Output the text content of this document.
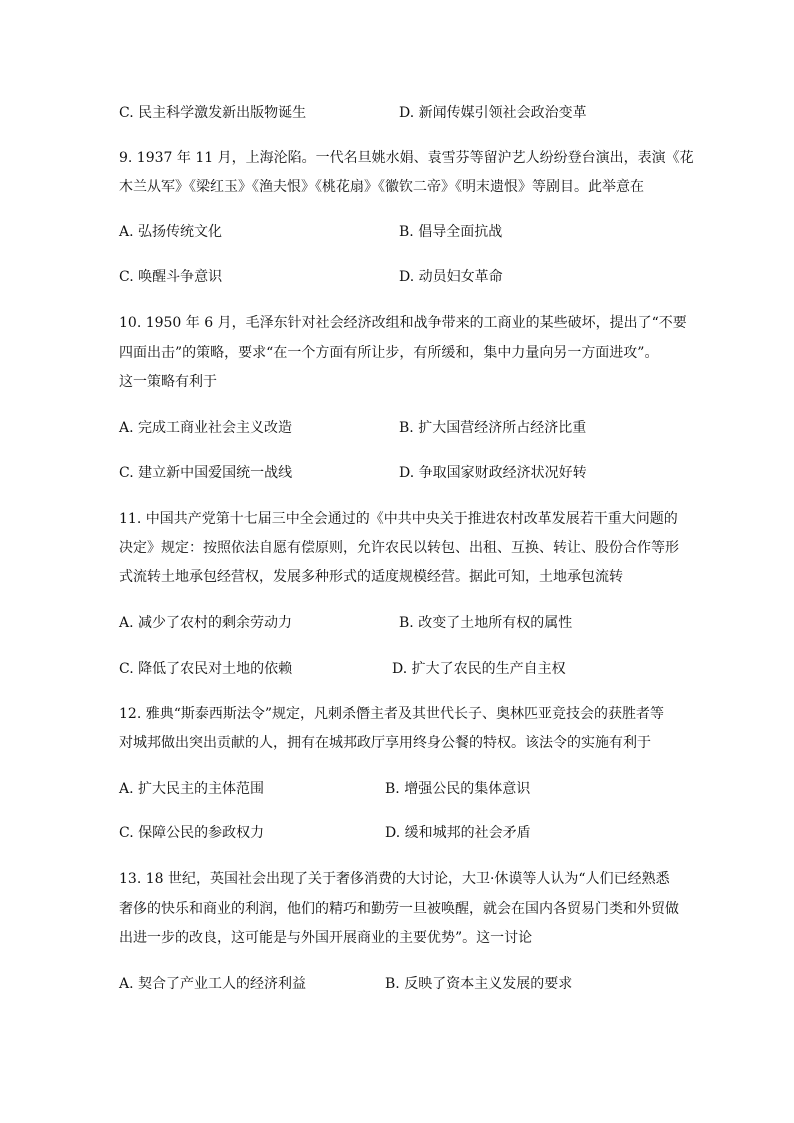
C. 民主科学激发新出版物诞生	D. 新闻传媒引领社会政治变革
9. 1937 年 11 月，上海沦陷。一代名旦姚水娟、袁雪芬等留沪艺人纷纷登台演出，表演《花
木兰从军》《梁红玉》《渔夫恨》《桃花扇》《徽钦二帝》《明末遗恨》等剧目。此举意在
A. 弘扬传统文化	B. 倡导全面抗战
C. 唤醒斗争意识	D. 动员妇女革命
10. 1950 年 6 月，毛泽东针对社会经济改组和战争带来的工商业的某些破坏，提出了“不要
四面出击”的策略，要求“在一个方面有所让步，有所缓和，集中力量向另一方面进攻”。
这一策略有利于
A. 完成工商业社会主义改造	B. 扩大国营经济所占经济比重
C. 建立新中国爱国统一战线	D. 争取国家财政经济状况好转
11. 中国共产党第十七届三中全会通过的《中共中央关于推进农村改革发展若干重大问题的
决定》规定：按照依法自愿有偿原则，允许农民以转包、出租、互换、转让、股份合作等形
式流转土地承包经营权，发展多种形式的适度规模经营。据此可知，土地承包流转
A. 减少了农村的剩余劳动力	B. 改变了土地所有权的属性
C. 降低了农民对土地的依赖	D. 扩大了农民的生产自主权
12. 雅典“斯泰西斯法令”规定，凡刺杀僭主者及其世代长子、奥林匹亚竞技会的获胜者等
对城邦做出突出贡献的人，拥有在城邦政厅享用终身公餐的特权。该法令的实施有利于
A. 扩大民主的主体范围	B. 增强公民的集体意识
C. 保障公民的参政权力	D. 缓和城邦的社会矛盾
13. 18 世纪，英国社会出现了关于奢侈消费的大讨论，大卫·休谟等人认为“人们已经熟悉
奢侈的快乐和商业的利润，他们的精巧和勤劳一旦被唤醒，就会在国内各贸易门类和外贸做
出进一步的改良，这可能是与外国开展商业的主要优势”。这一讨论
A. 契合了产业工人的经济利益	B. 反映了资本主义发展的要求
